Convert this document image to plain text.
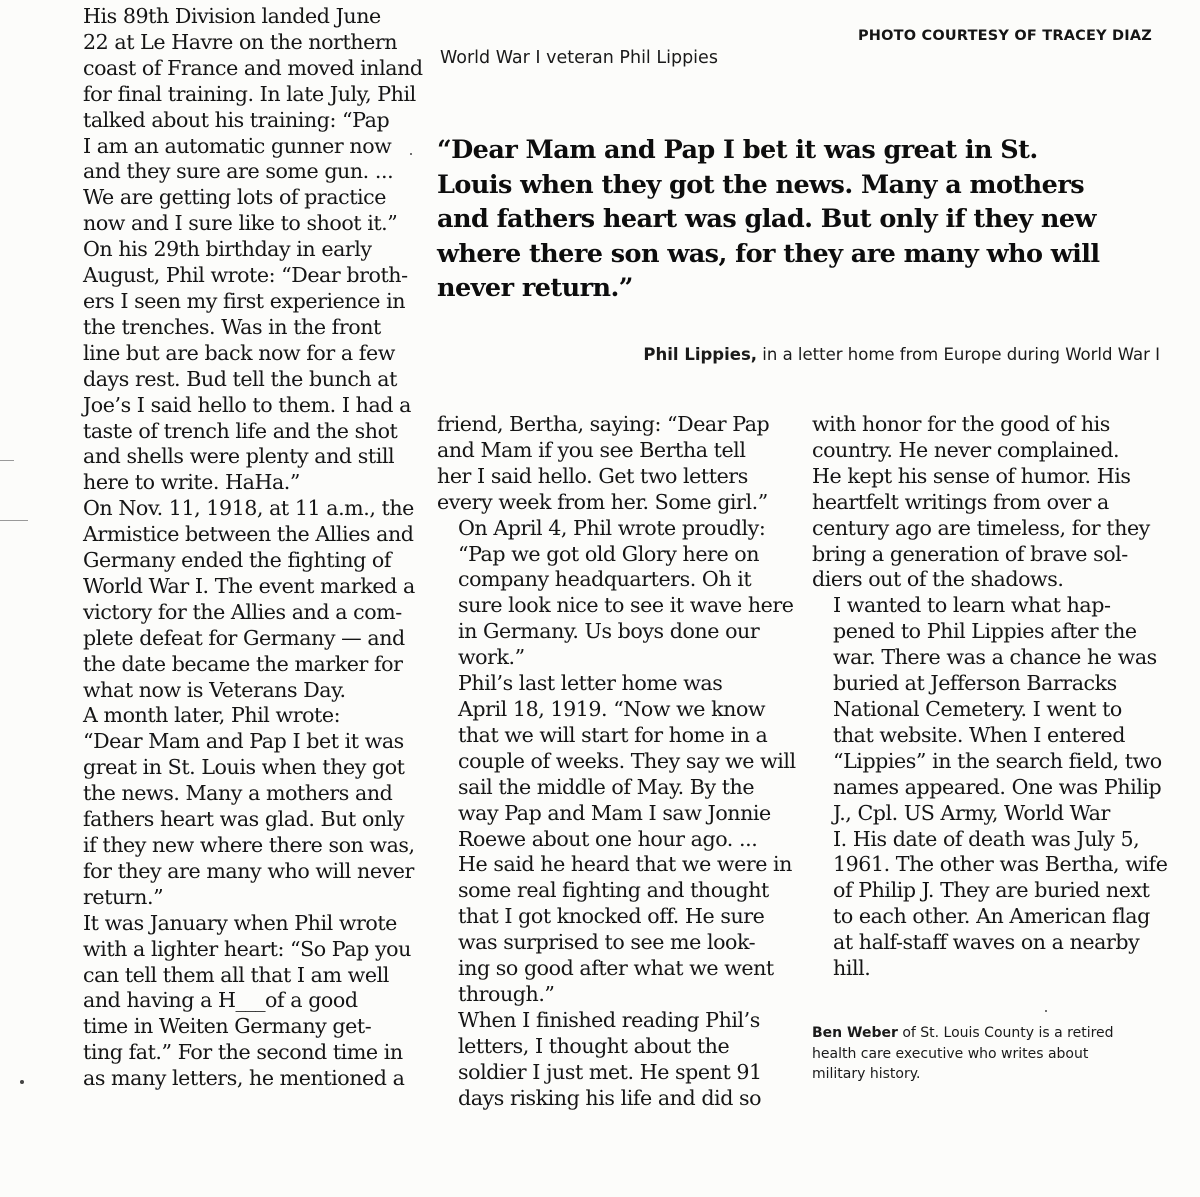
PHOTO COURTESY OF TRACEY DIAZ
World War I veteran Phil Lippies
“Dear Mam and Pap I bet it was great in St.
Louis when they got the news. Many a mothers
and fathers heart was glad. But only if they new
where there son was, for they are many who will
never return.”
Phil Lippies, in a letter home from Europe during World War I

His 89th Division landed June
22 at Le Havre on the northern
coast of France and moved inland
for final training. In late July, Phil
talked about his training: “Pap
I am an automatic gunner now
and they sure are some gun. ...
We are getting lots of practice
now and I sure like to shoot it.”

On his 29th birthday in early
August, Phil wrote: “Dear broth-
ers I seen my first experience in
the trenches. Was in the front
line but are back now for a few
days rest. Bud tell the bunch at
Joe’s I said hello to them. I had a
taste of trench life and the shot
and shells were plenty and still
here to write. HaHa.”

On Nov. 11, 1918, at 11 a.m., the
Armistice between the Allies and
Germany ended the fighting of
World War I. The event marked a
victory for the Allies and a com-
plete defeat for Germany — and
the date became the marker for
what now is Veterans Day.

A month later, Phil wrote:
“Dear Mam and Pap I bet it was
great in St. Louis when they got
the news. Many a mothers and
fathers heart was glad. But only
if they new where there son was,
for they are many who will never
return.”

It was January when Phil wrote
with a lighter heart: “So Pap you
can tell them all that I am well
and having a H___of a good
time in Weiten Germany get-
ting fat.” For the second time in
as many letters, he mentioned a

friend, Bertha, saying: “Dear Pap
and Mam if you see Bertha tell
her I said hello. Get two letters
every week from her. Some girl.”

On April 4, Phil wrote proudly:
“Pap we got old Glory here on
company headquarters. Oh it
sure look nice to see it wave here
in Germany. Us boys done our
work.”

Phil’s last letter home was
April 18, 1919. “Now we know
that we will start for home in a
couple of weeks. They say we will
sail the middle of May. By the
way Pap and Mam I saw Jonnie
Roewe about one hour ago. ...
He said he heard that we were in
some real fighting and thought
that I got knocked off. He sure
was surprised to see me look-
ing so good after what we went
through.”

When I finished reading Phil’s
letters, I thought about the
soldier I just met. He spent 91
days risking his life and did so

with honor for the good of his
country. He never complained.
He kept his sense of humor. His
heartfelt writings from over a
century ago are timeless, for they
bring a generation of brave sol-
diers out of the shadows.

I wanted to learn what hap-
pened to Phil Lippies after the
war. There was a chance he was
buried at Jefferson Barracks
National Cemetery. I went to
that website. When I entered
“Lippies” in the search field, two
names appeared. One was Philip
J., Cpl. US Army, World War
I. His date of death was July 5,
1961. The other was Bertha, wife
of Philip J. They are buried next
to each other. An American flag
at half-staff waves on a nearby
hill.

Ben Weber of St. Louis County is a retired
health care executive who writes about
military history.
